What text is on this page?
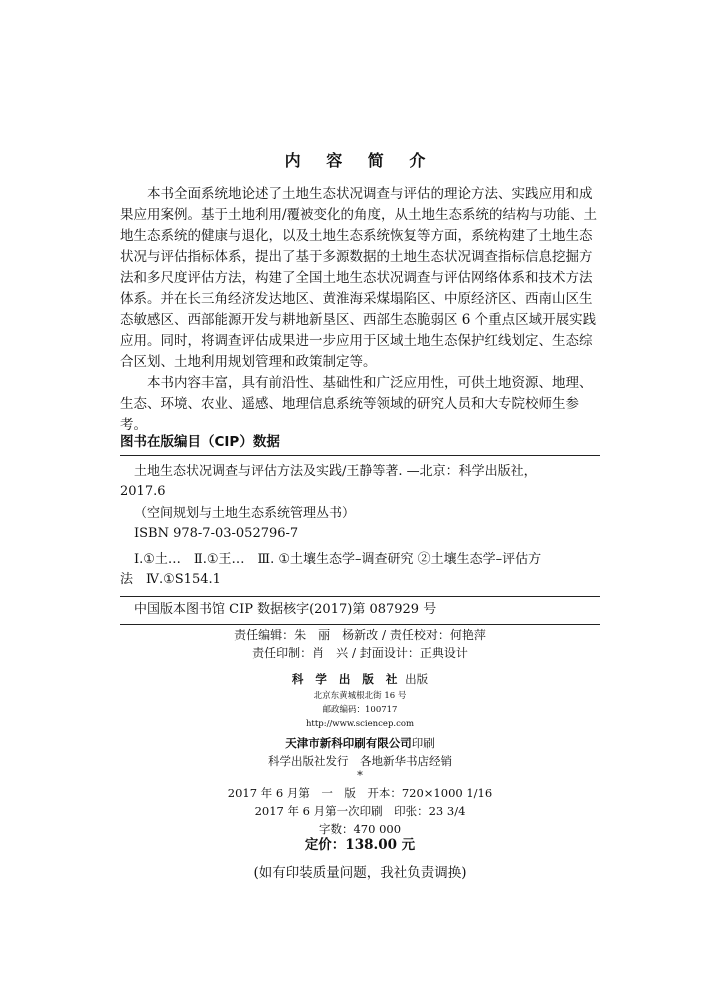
内 容 简 介

本书全面系统地论述了土地生态状况调查与评估的理论方法、实践应用和成果应用案例。基于土地利用/覆被变化的角度，从土地生态系统的结构与功能、土地生态系统的健康与退化，以及土地生态系统恢复等方面，系统构建了土地生态状况与评估指标体系，提出了基于多源数据的土地生态状况调查指标信息挖掘方法和多尺度评估方法，构建了全国土地生态状况调查与评估网络体系和技术方法体系。并在长三角经济发达地区、黄淮海采煤塌陷区、中原经济区、西南山区生态敏感区、西部能源开发与耕地新垦区、西部生态脆弱区 6 个重点区域开展实践应用。同时，将调查评估成果进一步应用于区域土地生态保护红线划定、生态综合区划、土地利用规划管理和政策制定等。

本书内容丰富，具有前沿性、基础性和广泛应用性，可供土地资源、地理、生态、环境、农业、遥感、地理信息系统等领域的研究人员和大专院校师生参考。

图书在版编目（CIP）数据
土地生态状况调查与评估方法及实践/王静等著. —北京：科学出版社，
2017.6
（空间规划与土地生态系统管理丛书）
ISBN 978-7-03-052796-7
Ⅰ.①土…　Ⅱ.①王…　Ⅲ. ①土壤生态学–调查研究 ②土壤生态学–评估方
法　Ⅳ.①S154.1
中国版本图书馆 CIP 数据核字(2017)第 087929 号
责任编辑：朱　丽　杨新改 / 责任校对：何艳萍
责任印制：肖　兴 / 封面设计：正典设计
科 学 出 版 社 出版
北京东黄城根北街 16 号
邮政编码：100717
http://www.sciencep.com
天津市新科印刷有限公司印刷
科学出版社发行　各地新华书店经销
*
2017 年 6 月第　一　版　开本：720×1000 1/16
2017 年 6 月第一次印刷　印张：23 3/4
字数：470 000
定价：138.00 元
(如有印装质量问题，我社负责调换)
